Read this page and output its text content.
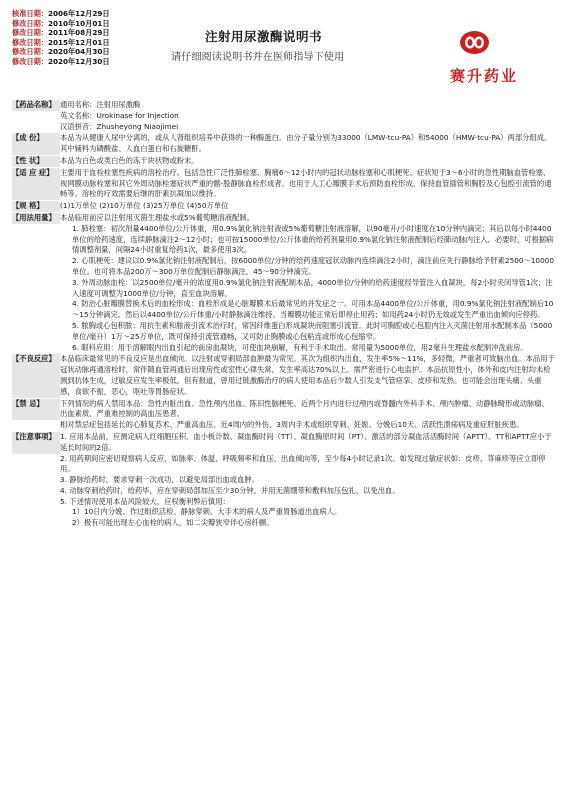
核准日期：2006年12月29日
修改日期：2010年10月01日
修改日期：2011年08月29日
修改日期：2015年12月01日
修改日期：2020年04月30日
修改日期：2020年12月30日
注射用尿激酶说明书
请仔细阅读说明书并在医师指导下使用
赛升药业
【药品名称】 通用名称：注射用尿激酶
英文名称：Urokinase for Injection
汉语拼音：Zhusheyong Niaojimei
【成 份】	本品为从健康人尿中分离的，或从人肾组织培养中获得的一种酶蛋白。由分子量分别为33000（LMW-tcu-PA）和54000（HMW-tcu-PA）两部分组成。其中辅料为磷酸盐、人血白蛋白和右旋糖酐。
【性 状】	本品为白色或类白色的冻干块状物或粉末。
【适 应 症】 主要用于血栓栓塞性疾病的溶栓治疗。包括急性广泛性肺栓塞、胸痛6～12小时内的冠状动脉栓塞和心肌梗死、症状短于3～6小时的急性期脑血管栓塞、视网膜动脉栓塞和其它外周动脉栓塞症状严重的髂-股静脉血栓形成者。也用于人工心瓣膜手术后预防血栓形成、保持血管插管和胸腔及心包腔引流管的通畅等。溶栓的疗效需要后继的肝素抗凝加以维持。
【规 格】	(1)1万单位 (2)10万单位 (3)25万单位 (4)50万单位
【用法用量】 本品临用前应以注射用灭菌生理盐水或5%葡萄糖溶液配制。
1. 肺栓塞：初次剂量4400单位/公斤体重，用0.9%氯化钠注射液或5%葡萄糖注射液溶解，以90毫升/小时速度在10分钟内滴完；其后以每小时4400单位的给药速度，连续静脉滴注2～12小时；也可按15000单位/公斤体重的给药剂量用0.9%氯化钠注射液配制后经肺动脉内注入。必要时，可根据病情调整剂量，间隔24小时重复给药1次，最多使用3次。
2. 心肌梗死：建议以0.9%氯化钠注射液配制后，按6000单位/分钟的给药速度冠状动脉内连续滴注2小时，滴注前应先行静脉给予肝素2500～10000单位。也可将本品200万～300万单位配制后静脉滴注，45～90分钟滴完。
3. 外周动脉血栓：以2500单位/毫升的浓度用0.9%氯化钠注射液配制本品，4000单位/分钟的给药速度经导管注入血凝块，每2小时夹闭导管1次；注入速度可调整为1000单位/分钟，直至血块溶解。
4. 防治心脏瓣膜替换术后的血栓形成：血栓形成是心脏瓣膜术后最常见的并发症之一。可用本品4400单位/公斤体重，用0.9%氯化钠注射液配制后10～15分钟滴完。然后以4400单位/公斤体重/小时静脉滴注维持。当瓣膜功能正常后即停止用药；如用药24小时仍无效或发生严重出血倾向应停药。
5. 脓胸或心包积脓：用抗生素和脓液引流术治疗时，常因纤维蛋白形成凝块而阻塞引流管。此时可胸腔或心包腔内注入灭菌注射用水配制本品（5000单位/毫升）1万～25万单位，既可保持引流管通畅，又可防止胸膜或心包粘连或形成心包缩窄。
6. 眼科应用：用于溶解眼内出血引起的前房血凝块，可使血块崩解，有利于手术取出。常用量为5000单位，用2毫升生理盐水配制冲洗前房。
【不良反应】 本品临床最常见的不良反应是出血倾向。以注射或穿刺局部血肿最为常见。其次为组织内出血，发生率5%～11%，多轻微，严重者可致脑出血。本品用于冠状动脉再通溶栓时，常伴随血管再通后出现房性或室性心律失常，发生率高达70%以上。需严密进行心电监护。本品抗原性小，体外和皮内注射均未检测到抗体生成，过敏反应发生率极低。但有报道，曾用过链激酶治疗的病人使用本品后少数人引发支气管痉挛、皮疹和发热。也可能会出现头痛、头重感，食欲不振，恶心，呕吐等胃肠症状。
【禁 忌】	下列情况的病人禁用本品：急性内脏出血、急性颅内出血、陈旧性脑梗死、近两个月内进行过颅内或脊髓内外科手术、颅内肿瘤、动静脉畸形或动脉瘤、出血素质、严重难控制的高血压患者。
相对禁忌症包括延长的心肺复苏术、严重高血压、近4周内的外伤、3周内手术或组织穿刺、妊娠、分娩后10天、活跃性溃疡病及重症肝脏疾患。
【注意事项】 1. 应用本品前，应测定病人红细胞压积、血小板计数、凝血酶时间（TT）、凝血酶原时间（PT）、激活的部分凝血活活酶时间（APTT）。TT和APTT应小于延长时间的2倍。
2. 用药期间应密切观察病人反应，如脉率、体温、呼吸频率和血压、出血倾向等，至少每4小时记录1次。如发现过敏症状如：皮疹、荨麻疹等应立即停用。
3. 静脉给药时，要求穿刺一次成功，以避免局部出血或血肿。
4. 动脉穿刺给药时，给药毕，应在穿刺局部加压至少30分钟，并用无菌绷带和敷料加压包扎，以免出血。
5. 下述情况使用本品风险较大，应权衡利弊后慎用：
1）10日内分娩、作过组织活检、静脉穿刺、大手术的病人及严重胃肠道出血病人。
2）极有可能出现左心血栓的病人，如二尖瓣狭窄伴心房纤颤。
